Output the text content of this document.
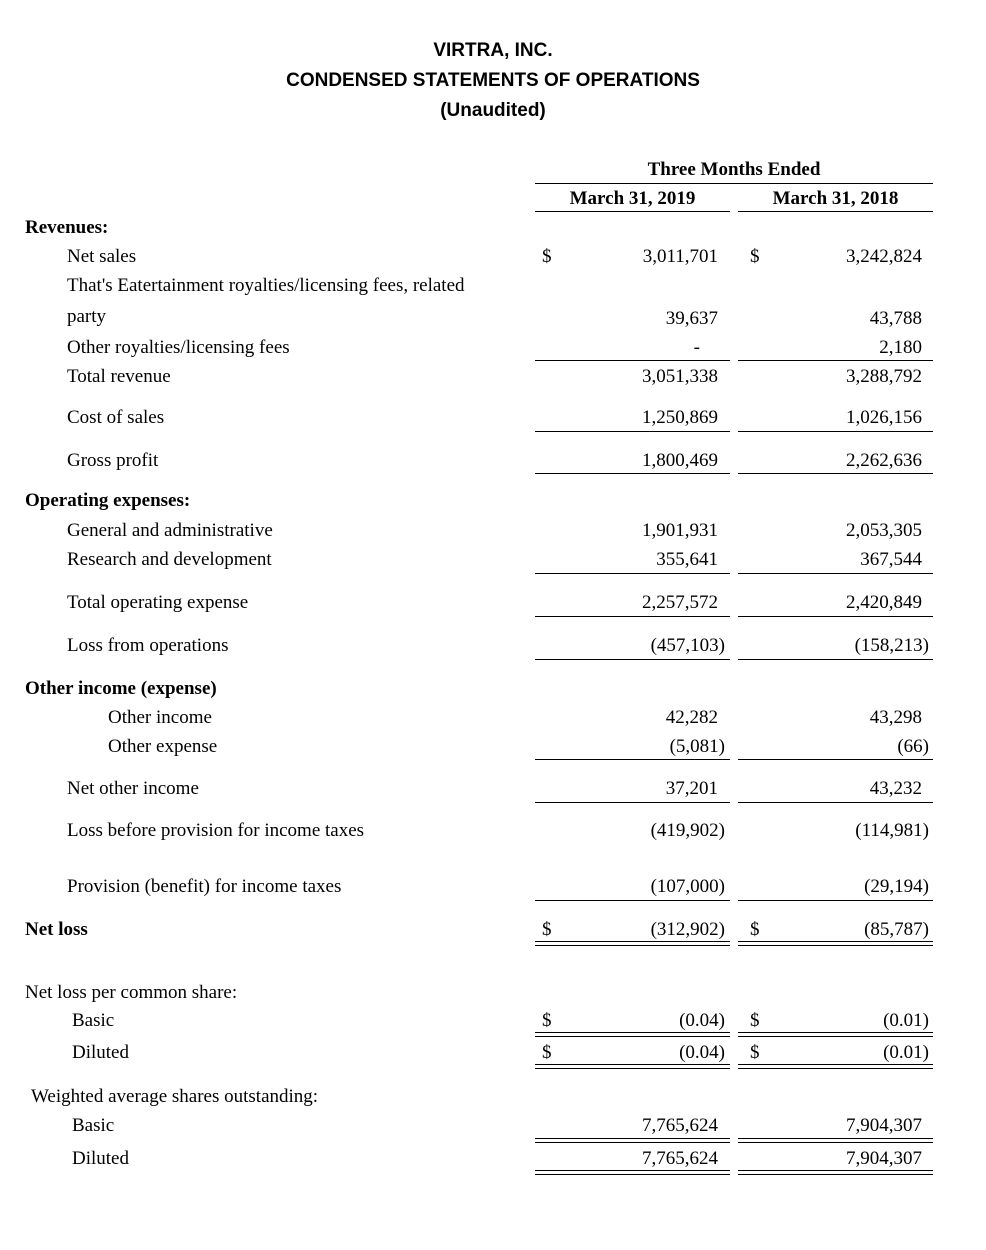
VIRTRA, INC.
CONDENSED STATEMENTS OF OPERATIONS
(Unaudited)
Three Months Ended
March 31, 2019	March 31, 2018
Revenues:
Net sales	$	3,011,701 $	3,242,824
That's Eatertainment royalties/licensing fees, related
party	39,637	43,788
Other royalties/licensing fees	-	2,180
Total revenue	3,051,338	3,288,792
Cost of sales	1,250,869	1,026,156
Gross profit	1,800,469	2,262,636
Operating expenses:
General and administrative	1,901,931	2,053,305
Research and development	355,641	367,544
Total operating expense	2,257,572	2,420,849
Loss from operations	(457,103)	(158,213)
Other income (expense)
Other income	42,282	43,298
Other expense	(5,081)	(66)
Net other income	37,201	43,232
Loss before provision for income taxes	(419,902)	(114,981)
Provision (benefit) for income taxes	(107,000)	(29,194)
Net loss	$	(312,902) $	(85,787)
Net loss per common share:
Basic	$	(0.04) $	(0.01)
Diluted	$	(0.04) $	(0.01)
Weighted average shares outstanding:
Basic	7,765,624	7,904,307
Diluted	7,765,624	7,904,307
